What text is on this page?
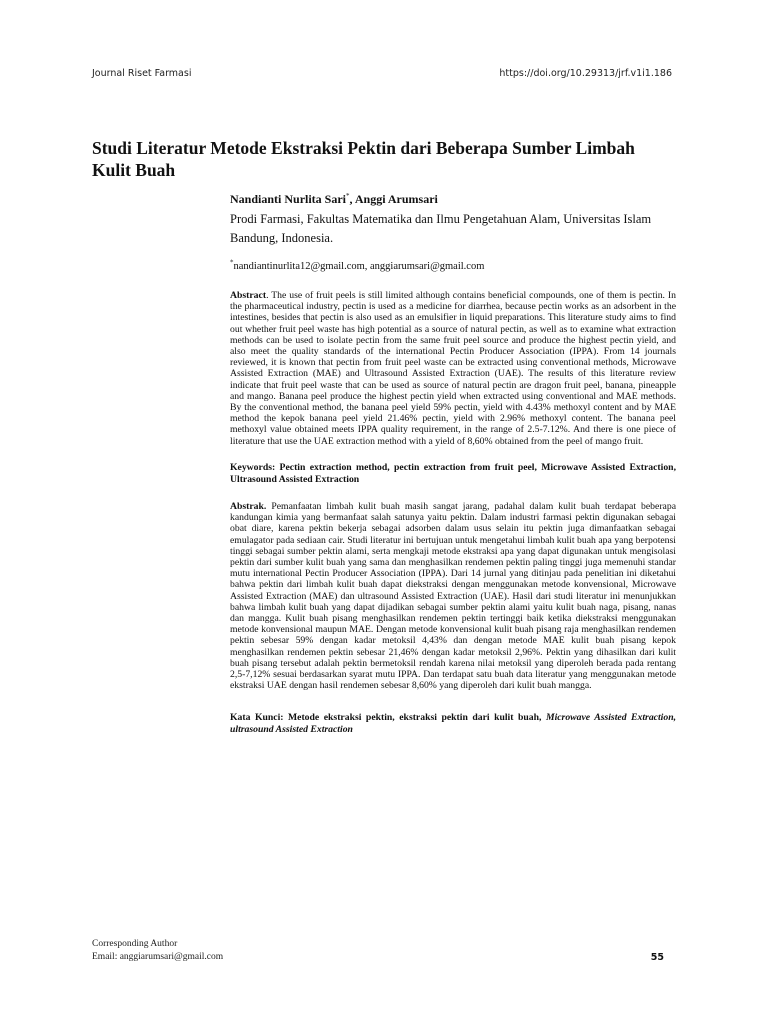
Journal Riset Farmasi	https://doi.org/10.29313/jrf.v1i1.186
Studi Literatur Metode Ekstraksi Pektin dari Beberapa Sumber Limbah Kulit Buah
Nandianti Nurlita Sari*, Anggi Arumsari
Prodi Farmasi, Fakultas Matematika dan Ilmu Pengetahuan Alam, Universitas Islam Bandung, Indonesia.
*nandiantinurlita12@gmail.com, anggiarumsari@gmail.com

Abstract. The use of fruit peels is still limited although contains beneficial compounds, one of them is pectin. In the pharmaceutical industry, pectin is used as a medicine for diarrhea, because pectin works as an adsorbent in the intestines, besides that pectin is also used as an emulsifier in liquid preparations. This literature study aims to find out whether fruit peel waste has high potential as a source of natural pectin, as well as to examine what extraction methods can be used to isolate pectin from the same fruit peel source and produce the highest pectin yield, and also meet the quality standards of the international Pectin Producer Association (IPPA). From 14 journals reviewed, it is known that pectin from fruit peel waste can be extracted using conventional methods, Microwave Assisted Extraction (MAE) and Ultrasound Assisted Extraction (UAE). The results of this literature review indicate that fruit peel waste that can be used as source of natural pectin are dragon fruit peel, banana, pineapple and mango. Banana peel produce the highest pectin yield when extracted using conventional and MAE methods. By the conventional method, the banana peel yield 59% pectin, yield with 4.43% methoxyl content and by MAE method the kepok banana peel yield 21.46% pectin, yield with 2.96% methoxyl content. The banana peel methoxyl value obtained meets IPPA quality requirement, in the range of 2.5-7.12%. And there is one piece of literature that use the UAE extraction method with a yield of 8,60% obtained from the peel of mango fruit.

Keywords: Pectin extraction method, pectin extraction from fruit peel, Microwave Assisted Extraction, Ultrasound Assisted Extraction

Abstrak. Pemanfaatan limbah kulit buah masih sangat jarang, padahal dalam kulit buah terdapat beberapa kandungan kimia yang bermanfaat salah satunya yaitu pektin. Dalam industri farmasi pektin digunakan sebagai obat diare, karena pektin bekerja sebagai adsorben dalam usus selain itu pektin juga dimanfaatkan sebagai emulagator pada sediaan cair. Studi literatur ini bertujuan untuk mengetahui limbah kulit buah apa yang berpotensi tinggi sebagai sumber pektin alami, serta mengkaji metode ekstraksi apa yang dapat digunakan untuk mengisolasi pektin dari sumber kulit buah yang sama dan menghasilkan rendemen pektin paling tinggi juga memenuhi standar mutu international Pectin Producer Association (IPPA). Dari 14 jurnal yang ditinjau pada penelitian ini diketahui bahwa pektin dari limbah kulit buah dapat diekstraksi dengan menggunakan metode konvensional, Microwave Assisted Extraction (MAE) dan ultrasound Assisted Extraction (UAE). Hasil dari studi literatur ini menunjukkan bahwa limbah kulit buah yang dapat dijadikan sebagai sumber pektin alami yaitu kulit buah naga, pisang, nanas dan mangga. Kulit buah pisang menghasilkan rendemen pektin tertinggi baik ketika diekstraksi menggunakan metode konvensional maupun MAE. Dengan metode konvensional kulit buah pisang raja menghasilkan rendemen pektin sebesar 59% dengan kadar metoksil 4,43% dan dengan metode MAE kulit buah pisang kepok menghasilkan rendemen pektin sebesar 21,46% dengan kadar metoksil 2,96%. Pektin yang dihasilkan dari kulit buah pisang tersebut adalah pektin bermetoksil rendah karena nilai metoksil yang diperoleh berada pada rentang 2,5-7,12% sesuai berdasarkan syarat mutu IPPA. Dan terdapat satu buah data literatur yang menggunakan metode ekstraksi UAE dengan hasil rendemen sebesar 8,60% yang diperoleh dari kulit buah mangga.

Kata Kunci: Metode ekstraksi pektin, ekstraksi pektin dari kulit buah, Microwave Assisted Extraction, ultrasound Assisted Extraction

Corresponding Author
Email: anggiarumsari@gmail.com	55
